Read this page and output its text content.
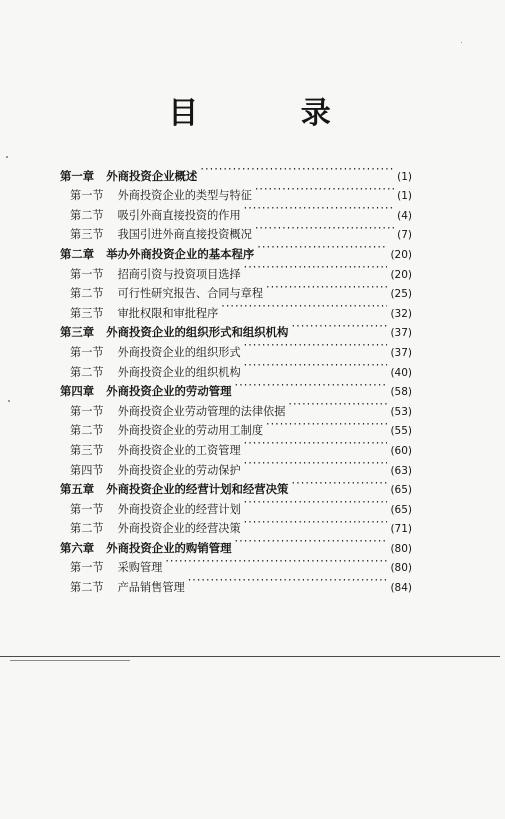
目 录
第一章 外商投资企业概述 ·····	(1)
第一节 外商投资企业的类型与特征 ·····	(1)
第二节 吸引外商直接投资的作用 ·····	(4)
第三节 我国引进外商直接投资概况 ·····	(7)
第二章 举办外商投资企业的基本程序 ·····	(20)
第一节 招商引资与投资项目选择 ·····	(20)
第二节 可行性研究报告、合同与章程 ·····	(25)
第三节 审批权限和审批程序 ·····	(32)
第三章 外商投资企业的组织形式和组织机构 ·····	(37)
第一节 外商投资企业的组织形式 ·····	(37)
第二节 外商投资企业的组织机构 ·····	(40)
第四章 外商投资企业的劳动管理 ·····	(58)
第一节 外商投资企业劳动管理的法律依据 ·····	(53)
第二节 外商投资企业的劳动用工制度 ·····	(55)
第三节 外商投资企业的工资管理 ·····	(60)
第四节 外商投资企业的劳动保护 ·····	(63)
第五章 外商投资企业的经营计划和经营决策 ·····	(65)
第一节 外商投资企业的经营计划 ·····	(65)
第二节 外商投资企业的经营决策 ·····	(71)
第六章 外商投资企业的购销管理 ·····	(80)
第一节 采购管理 ·····	(80)
第二节 产品销售管理 ·····	(84)
